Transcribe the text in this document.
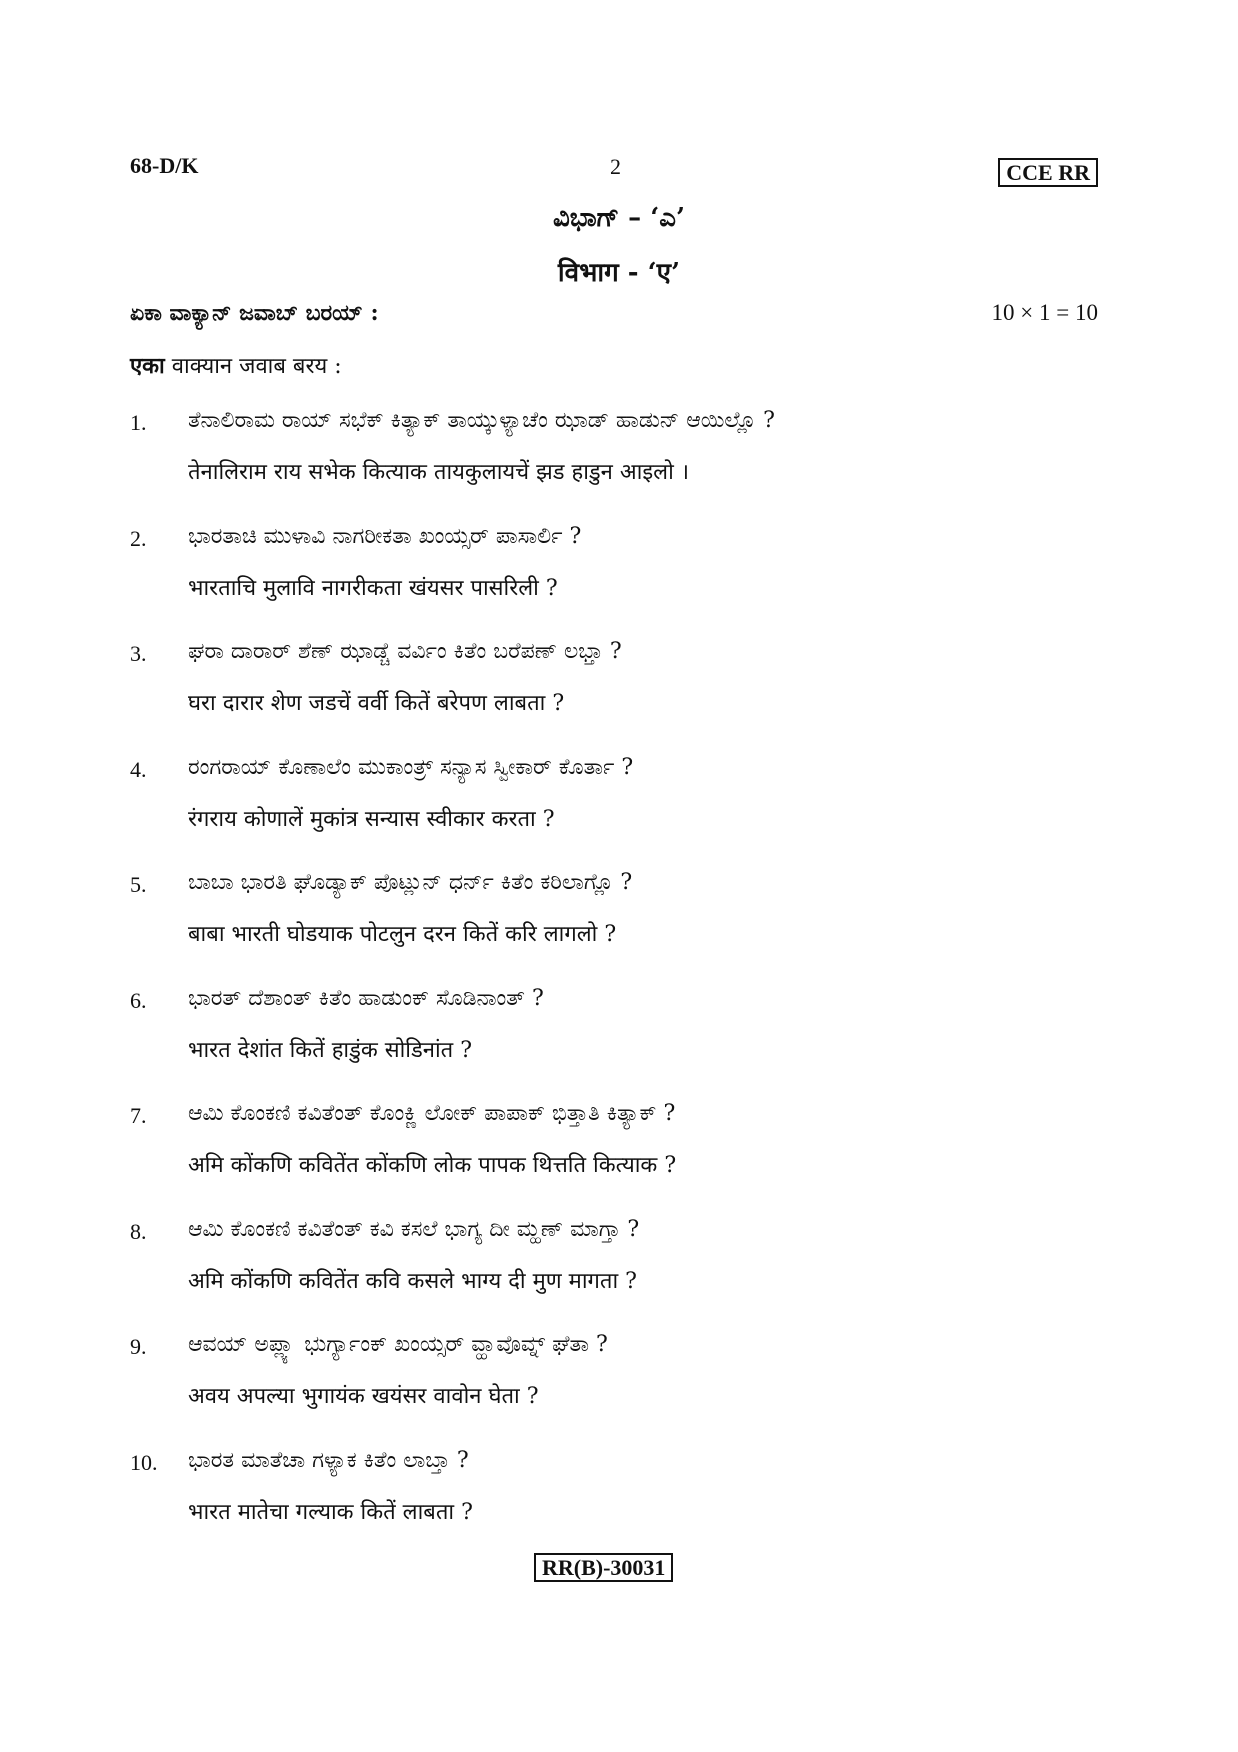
68-D/K	2	CCE RR
ವಿಭಾಗ್ – ‘ಎ’
विभाग - ‘ए’
ಏಕಾ ವಾಕ್ಯಾನ್ ಜವಾಬ್ ಬರಯ್ :	10 × 1 = 10
एका वाक्यान जवाब बरय :
1. ತೆನಾಲಿರಾಮ ರಾಯ್ ಸಭೆಕ್ ಕಿತ್ಯಾಕ್ ತಾಯ್ಕುಳ್ಯಾಚೆಂ ಝಾಡ್ ಹಾಡುನ್ ಆಯಿಲ್ಲೊ ?
तेनालिराम राय सभेक कित्याक तायकुलायचें झड हाडुन आइलो ।
2. ಭಾರತಾಚಿ ಮುಳಾವಿ ನಾಗರೀಕತಾ ಖಂಯ್ಸರ್ ಪಾಸಾರ್ಲಿ ?
भारताचि मुलावि नागरीकता खंयसर पासरिली ?
3. ಘರಾ ದಾರಾರ್ ಶೆಣ್ ಝಾಡ್ಚೆ ವರ್ವಿಂ ಕಿತೆಂ ಬರೆಪಣ್ ಲಭ್ತಾ ?
घरा दारार शेण जडचें वर्वी कितें बरेपण लाबता ?
4. ರಂಗರಾಯ್ ಕೊಣಾಲೆಂ ಮುಕಾಂತ್ರ್ ಸನ್ಯಾಸ ಸ್ವೀಕಾರ್ ಕೊರ್ತಾ ?
रंगराय कोणालें मुकांत्र सन्यास स्वीकार करता ?
5. ಬಾಬಾ ಭಾರತಿ ಘೊಡ್ಯಾಕ್ ಪೊಟ್ಲುನ್ ಧರ್ನ್ ಕಿತೆಂ ಕರಿಲಾಗ್ಲೊ ?
बाबा भारती घोडयाक पोटलुन दरन कितें करि लागलो ?
6. ಭಾರತ್ ದೆಶಾಂತ್ ಕಿತೆಂ ಹಾಡುಂಕ್ ಸೊಡಿನಾಂತ್ ?
भारत देशांत कितें हाडुंक सोडिनांत ?
7. ಆಮಿ ಕೊಂಕಣಿ ಕವಿತೆಂತ್ ಕೊಂಕ್ಣಿ ಲೋಕ್ ಪಾಪಾಕ್ ಭಿತ್ತಾತಿ ಕಿತ್ಯಾಕ್ ?
अमि कोंकणि कवितेंत कोंकणि लोक पापक थित्तति कित्याक ?
8. ಆಮಿ ಕೊಂಕಣಿ ಕವಿತೆಂತ್ ಕವಿ ಕಸಲೆ ಭಾಗ್ಯ ದೀ ಮ್ಹಣ್ ಮಾಗ್ತಾ ?
अमि कोंकणि कवितेंत कवि कसले भाग्य दी मुण मागता ?
9. ಆವಯ್ ಅಪ್ಲ್ಯಾ ಭುರ್ಗ್ಯಾಂಕ್ ಖಂಯ್ಸರ್ ವ್ಹಾವೊವ್ನ್ ಘೆತಾ ?
अवय अपल्या भुगायंक खयंसर वावोन घेता ?
10. ಭಾರತ ಮಾತೆಚಾ ಗಳ್ಯಾಕ ಕಿತೆಂ ಲಾಬ್ತಾ ?
भारत मातेचा गल्याक कितें लाबता ?
RR(B)-30031
